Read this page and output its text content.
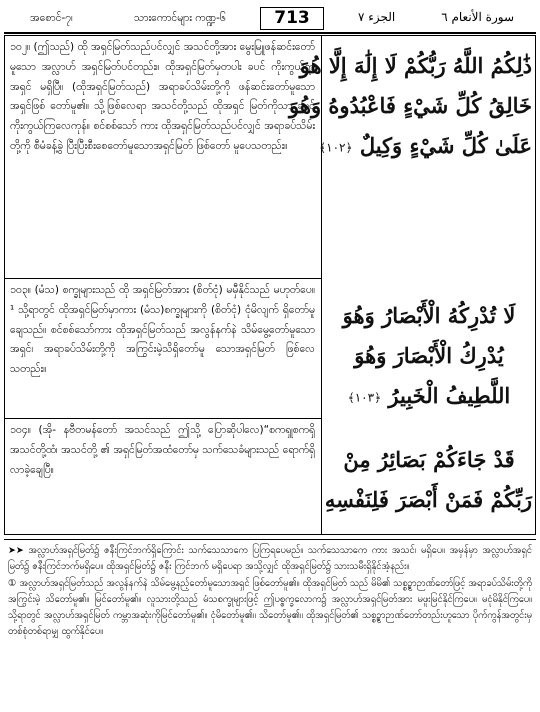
အစောင်-၇၊	သားကောင်များ ကဏ္ဍ-၆	713	الجزء ٧	سورة الأنعام ٦
၁၀၂။ (ဤသည်) ထို အရှင်မြတ်သည်ပင်လျှင် အသင်တို့အား မွေးမြူဖန်ဆင်းတော်မူသော အလ္လာဟ် အရှင်မြတ်ပင်တည်း။ ထိုအရှင်မြတ်မှတပါး ခပင် ကိုးကွယ်ရာအရှင် မရှိပြီ။ (ထိုအရှင်မြတ်သည်) အရာခပ်သိမ်းတို့ကို ဖန်ဆင်းတော်မူသော အရှင်ဖြစ် တော်မူ၏။ သို့ဖြစ်လေရာ အသင်တို့သည် ထိုအရှင် မြတ်ကိုသာ ခပင်ကိုးကွယ်ကြလေကုန်။ စင်စစ်သော် ကား ထိုအရှင်မြတ်သည်ပင်လျှင် အရာခပ်သိမ်းတို့ကို စီမံခန့်ခွဲ ပြီးပြီးစီးစေတော်မူသောအရှင်မြတ် ဖြစ်တော် မူပေသတည်း။
၁၀၃။ (မံသ) စက္ခုများသည် ထို အရှင်မြတ်အား (စိတ်ငုံ) မမှီနိုင်သည် မဟုတ်ပေ။ ¹ သို့ရာတွင် ထိုအရှင်မြတ်မှာကား (မံသ)စက္ခုများကို (စိတ်ငုံ) ငုံမိလျက် ရှိတော်မူချေသည်။ စင်စစ်သော်ကား ထိုအရှင်မြတ်သည် အလွန်နက်နဲ သိမ်မွေ့တော်မူသော အရှင်၊ အရာခပ်သိမ်းတို့ကို အကြွင်းမဲ့သိရှိတော်မူ သောအရှင်မြတ် ဖြစ်လေသတည်း။
၁၀၄။ (အို- နဗီတမန်တော် အသင်သည် ဤသို့ ပြောဆိုပါလေ)“စကၡုစကၡိ အသင်တို့ထံ၊ အသင်တို့ ၏ အရှင်မြတ်အထံတော်မှ သက်သေခံများသည် ရောက်ရှိလာခဲ့ချေပြီ။
ذَٰلِكُمُ اللَّهُ رَبُّكُمْ لَا إِلَٰهَ إِلَّا هُوَ
خَالِقُ كُلِّ شَيْءٍ فَاعْبُدُوهُ وَهُوَ
عَلَىٰ كُلِّ شَيْءٍ وَكِيلٌ ﴿١٠٢﴾
لَا تُدْرِكُهُ الْأَبْصَارُ وَهُوَ
يُدْرِكُ الْأَبْصَارَ وَهُوَ
اللَّطِيفُ الْخَبِيرُ ﴿١٠٣﴾
قَدْ جَاءَكُمْ بَصَائِرُ مِنْ
رَبِّكُمْ فَمَنْ أَبْصَرَ فَلِنَفْسِهِ

➤➤ အလ္လာဟ်အရှင်မြတ်၌ ဇနီးကြင်ဘက်ရှိကြောင်း သက်သေသာကေ ပြကြရပေမည်။ သက်သေသာကေ ကား အသင်၊ မရှိပေ။ အမှန်မှာ အလ္လာဟ်အရှင်မြတ်၌ ဇနီးကြင်ဘက်မရှိပေ။ ထိုအရှင်မြတ်၌ ဇနီး ကြင်ဘက် မရှိပေရာ အသို့လျှင် ထိုအရှင်မြတ်၌ သားသမီးရှိနိုင်အံ့နည်း။

① အလ္လာဟ်အရှင်မြတ်သည် အလွန်နက်နဲ သိမ်မွေ့နည့်တော်မူသောအရှင် ဖြစ်တော်မူ၏။ ထိုအရှင်မြတ် သည် မိမိ၏ သစ္စဥ္စာဉာဏ်တော်ဖြင့် အရာခပ်သိမ်းတို့ကို အကြွင်းမဲ့ သိတော်မူ၏။ မြင်တော်မူ၏။ လူသားတို့သည် မံသစက္ခုများဖြင့် ဤပစ္စက္ခလောက၌ အလ္လာဟ်အရှင်မြတ်အား မဖူးမြင်နိုင်ကြပေ။ မငုံမိနိုင်ကြပေ။ သို့ရာတွင် အလ္လာဟ်အရှင်မြတ် ကမ္ဘာအဆုံးကိုမြင်တော်မူ၏။ ငုံမိတော်မူ၏။ သိတော်မူ၏။ ထိုအရှင်မြတ်၏ သစ္စဥ္စာဉာဏ်တော်တည်းဟူသော ပိုက်ကွန်အတွင်းမှ တစ်စုံတစ်ရာမျှ ထွက်နိုင်ပေ။
